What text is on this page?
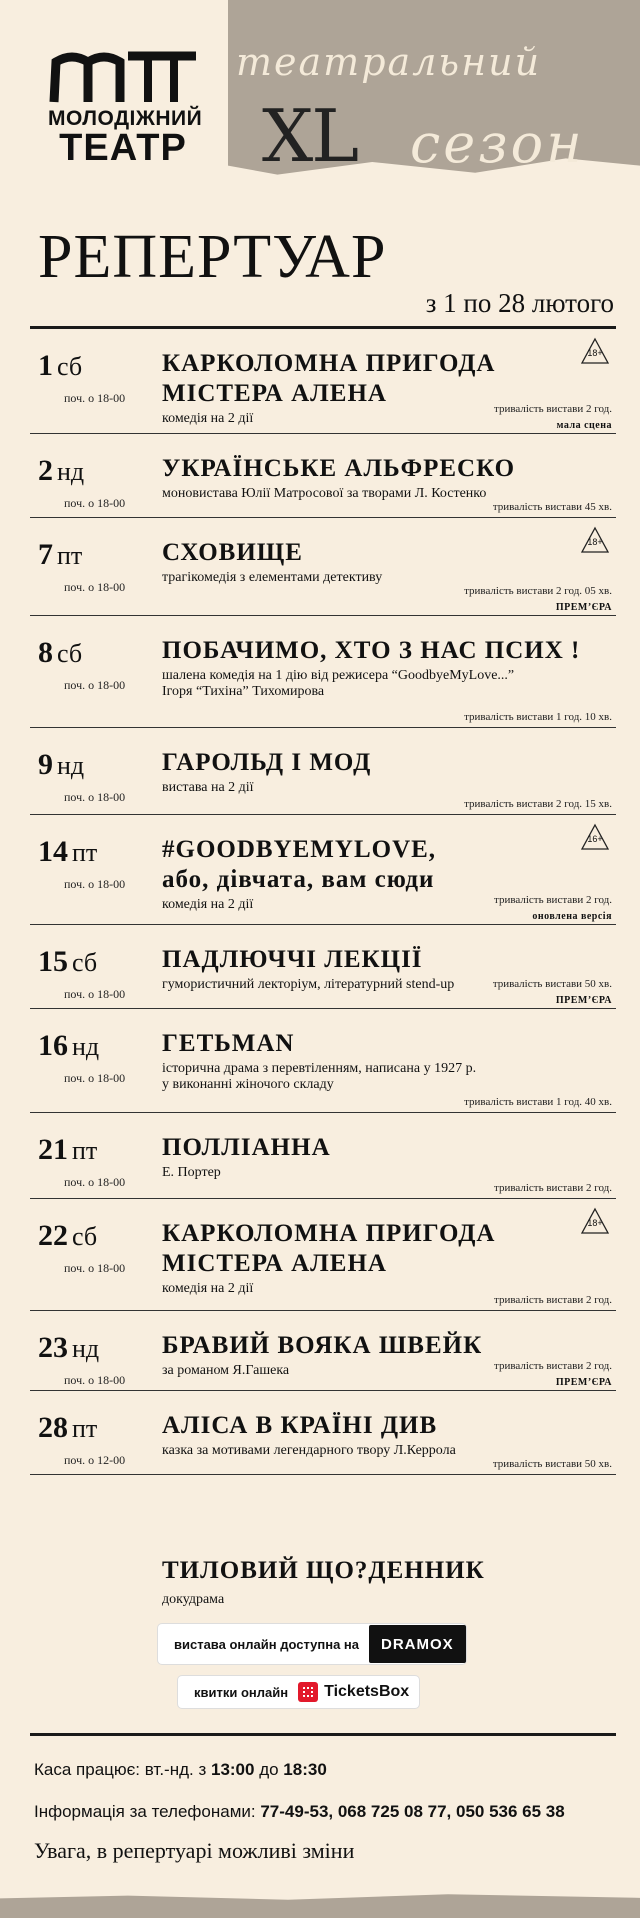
МОЛОДІЖНИЙ
ТЕАТР
театральний
XL сезон
РЕПЕРТУАР
з 1 по 28 лютого
1 сб
поч. о 18-00
КАРКОЛОМНА ПРИГОДА
МІСТЕРА АЛЕНА
комедія на 2 дії
тривалість вистави 2 год.
мала сцена
18+
2 нд
поч. о 18-00
УКРАЇНСЬКЕ АЛЬФРЕСКО
моновистава Юлії Матросової за творами Л. Костенко
тривалість вистави 45 хв.
7 пт
поч. о 18-00
СХОВИЩЕ
трагікомедія з елементами детективу
тривалість вистави 2 год. 05 хв.
ПРЕМ’ЄРА
18+
8 сб
поч. о 18-00
ПОБАЧИМО, ХТО З НАС ПСИХ !
шалена комедія на 1 дію від режисера “GoodbyeMyLove...”
Ігоря “Тихіна” Тихомирова
тривалість вистави 1 год. 10 хв.
9 нд
поч. о 18-00
ГАРОЛЬД І МОД
вистава на 2 дії
тривалість вистави 2 год. 15 хв.
14 пт
поч. о 18-00
#GOODBYEMYLOVE,
або, дівчата, вам сюди
комедія на 2 дії	тривалість вистави 2 год.
оновлена версія
16+
15 сб
поч. о 18-00
ПАДЛЮЧЧІ ЛЕКЦІЇ
гумористичний лекторіум, літературний stend-up	тривалість вистави 50 хв.
ПРЕМ’ЄРА
16 нд
поч. о 18-00
ГЕТЬMAN
історична драма з перевтіленням, написана у 1927 р.
у виконанні жіночого складу
тривалість вистави 1 год. 40 хв.
21 пт
поч. о 18-00
ПОЛЛІАННА
Е. Портер
тривалість вистави 2 год.
22 сб
поч. о 18-00
КАРКОЛОМНА ПРИГОДА
МІСТЕРА АЛЕНА
комедія на 2 дії
тривалість вистави 2 год.
18+
23 нд
поч. о 18-00
БРАВИЙ ВОЯКА ШВЕЙК
за романом Я.Гашека	тривалість вистави 2 год.
ПРЕМ’ЄРА
28 пт
поч. о 12-00
АЛІСА В КРАЇНІ ДИВ
казка за мотивами легендарного твору Л.Керрола
тривалість вистави 50 хв.
ТИЛОВИЙ ЩО?ДЕННИК
докудрама
вистава онлайн доступна на	DRAMOX
квитки онлайн	TicketsBox
Каса працює: вт.-нд. з 13:00 до 18:30
Інформація за телефонами: 77-49-53, 068 725 08 77, 050 536 65 38
Увага, в репертуарі можливі зміни
